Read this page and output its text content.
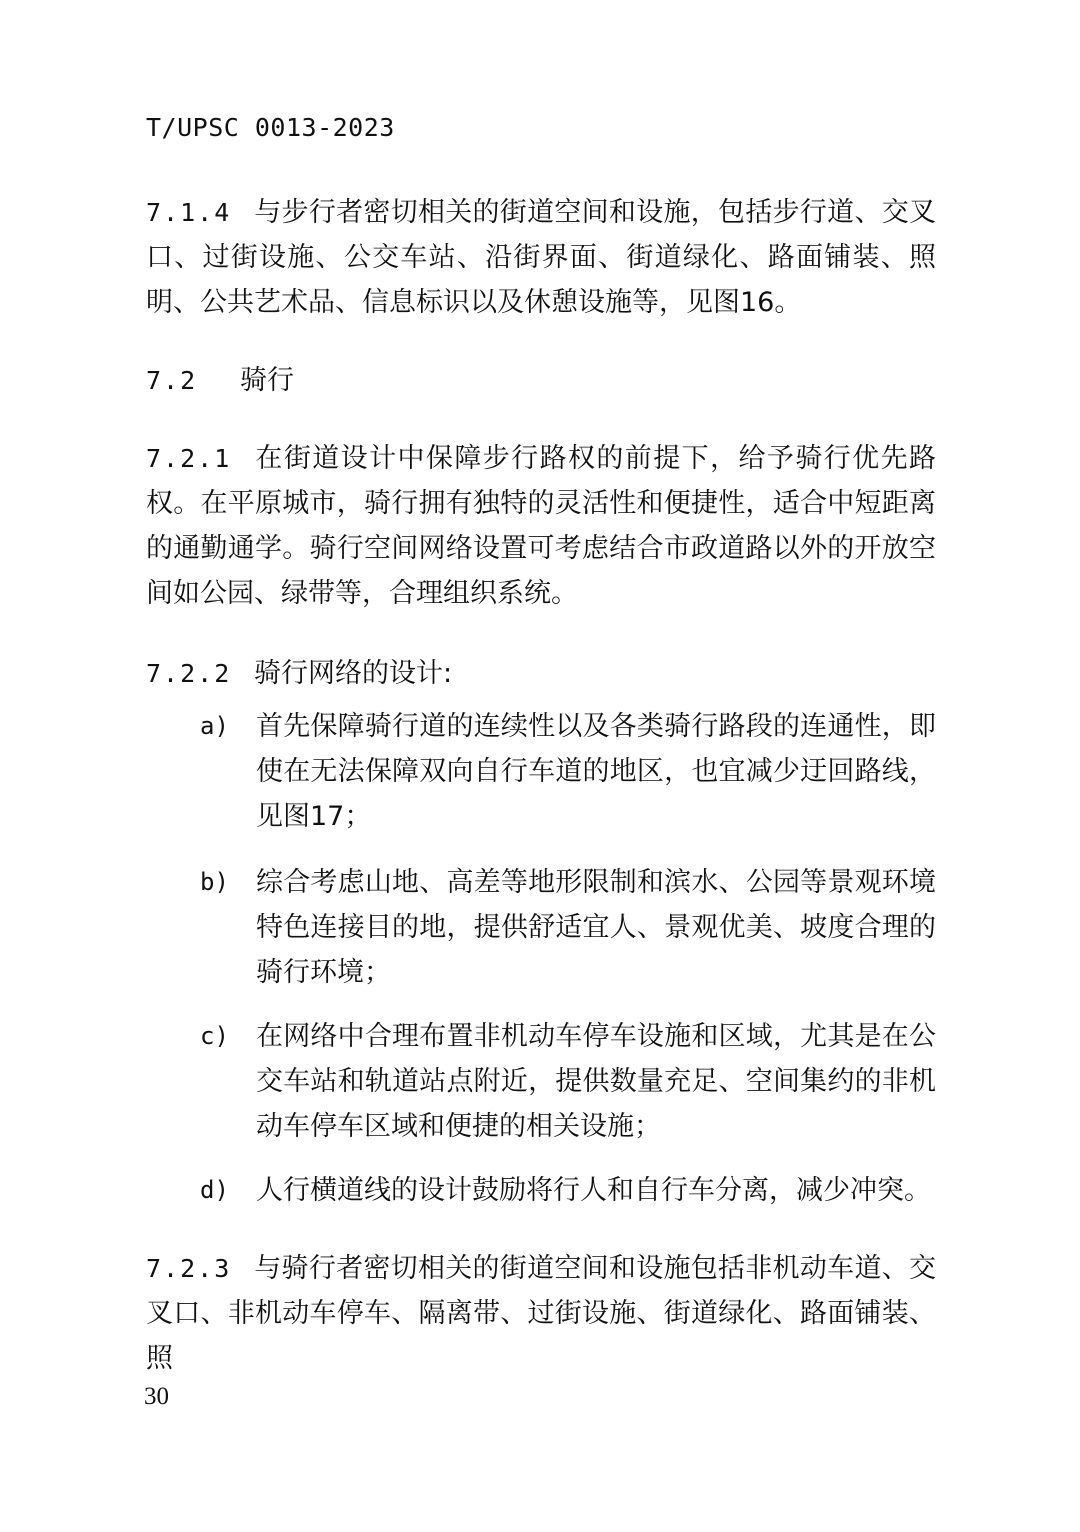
T/UPSC 0013-2023
7.1.4 与步行者密切相关的街道空间和设施，包括步行道、交叉口、过街设施、公交车站、沿街界面、街道绿化、路面铺装、照明、公共艺术品、信息标识以及休憩设施等，见图16。
7.2 骑行
7.2.1 在街道设计中保障步行路权的前提下，给予骑行优先路权。在平原城市，骑行拥有独特的灵活性和便捷性，适合中短距离的通勤通学。骑行空间网络设置可考虑结合市政道路以外的开放空间如公园、绿带等，合理组织系统。
7.2.2 骑行网络的设计:
a) 首先保障骑行道的连续性以及各类骑行路段的连通性，即使在无法保障双向自行车道的地区，也宜减少迂回路线，见图17；
b) 综合考虑山地、高差等地形限制和滨水、公园等景观环境特色连接目的地，提供舒适宜人、景观优美、坡度合理的骑行环境；
c) 在网络中合理布置非机动车停车设施和区域，尤其是在公交车站和轨道站点附近，提供数量充足、空间集约的非机动车停车区域和便捷的相关设施；
d) 人行横道线的设计鼓励将行人和自行车分离，减少冲突。
7.2.3 与骑行者密切相关的街道空间和设施包括非机动车道、交叉口、非机动车停车、隔离带、过街设施、街道绿化、路面铺装、照
30
